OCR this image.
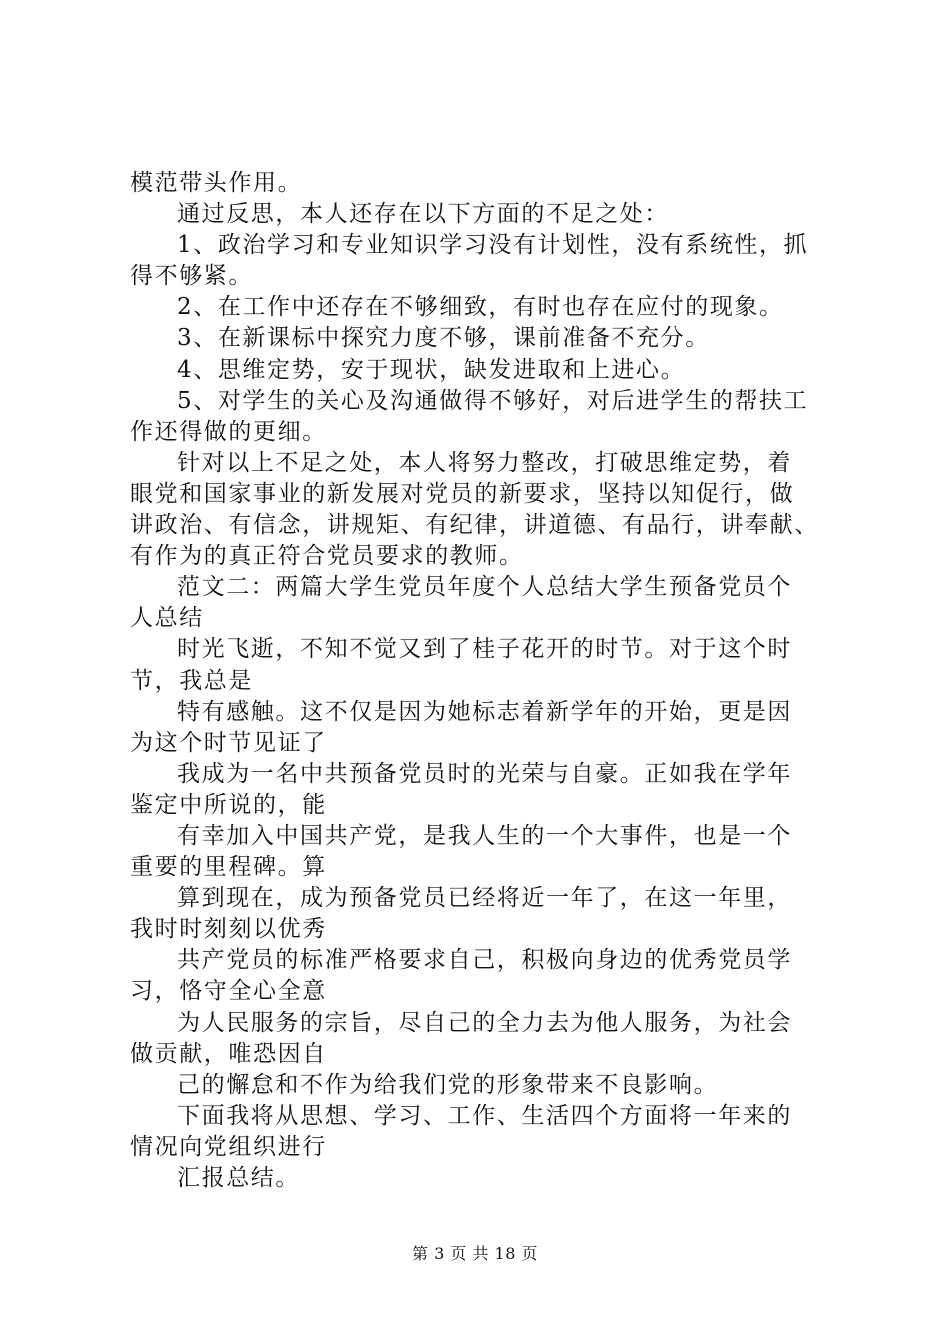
模范带头作用。
通过反思，本人还存在以下方面的不足之处：
1、政治学习和专业知识学习没有计划性，没有系统性，抓
得不够紧。
2、在工作中还存在不够细致，有时也存在应付的现象。
3、在新课标中探究力度不够，课前准备不充分。
4、思维定势，安于现状，缺发进取和上进心。
5、对学生的关心及沟通做得不够好，对后进学生的帮扶工
作还得做的更细。
针对以上不足之处，本人将努力整改，打破思维定势，着
眼党和国家事业的新发展对党员的新要求，坚持以知促行，做
讲政治、有信念，讲规矩、有纪律，讲道德、有品行，讲奉献、
有作为的真正符合党员要求的教师。
范文二：两篇大学生党员年度个人总结大学生预备党员个
人总结
时光飞逝，不知不觉又到了桂子花开的时节。对于这个时
节，我总是
特有感触。这不仅是因为她标志着新学年的开始，更是因
为这个时节见证了
我成为一名中共预备党员时的光荣与自豪。正如我在学年
鉴定中所说的，能
有幸加入中国共产党，是我人生的一个大事件，也是一个
重要的里程碑。算
算到现在，成为预备党员已经将近一年了，在这一年里，
我时时刻刻以优秀
共产党员的标准严格要求自己，积极向身边的优秀党员学
习，恪守全心全意
为人民服务的宗旨，尽自己的全力去为他人服务，为社会
做贡献，唯恐因自
己的懈怠和不作为给我们党的形象带来不良影响。
下面我将从思想、学习、工作、生活四个方面将一年来的
情况向党组织进行
汇报总结。
第 3 页 共 18 页
